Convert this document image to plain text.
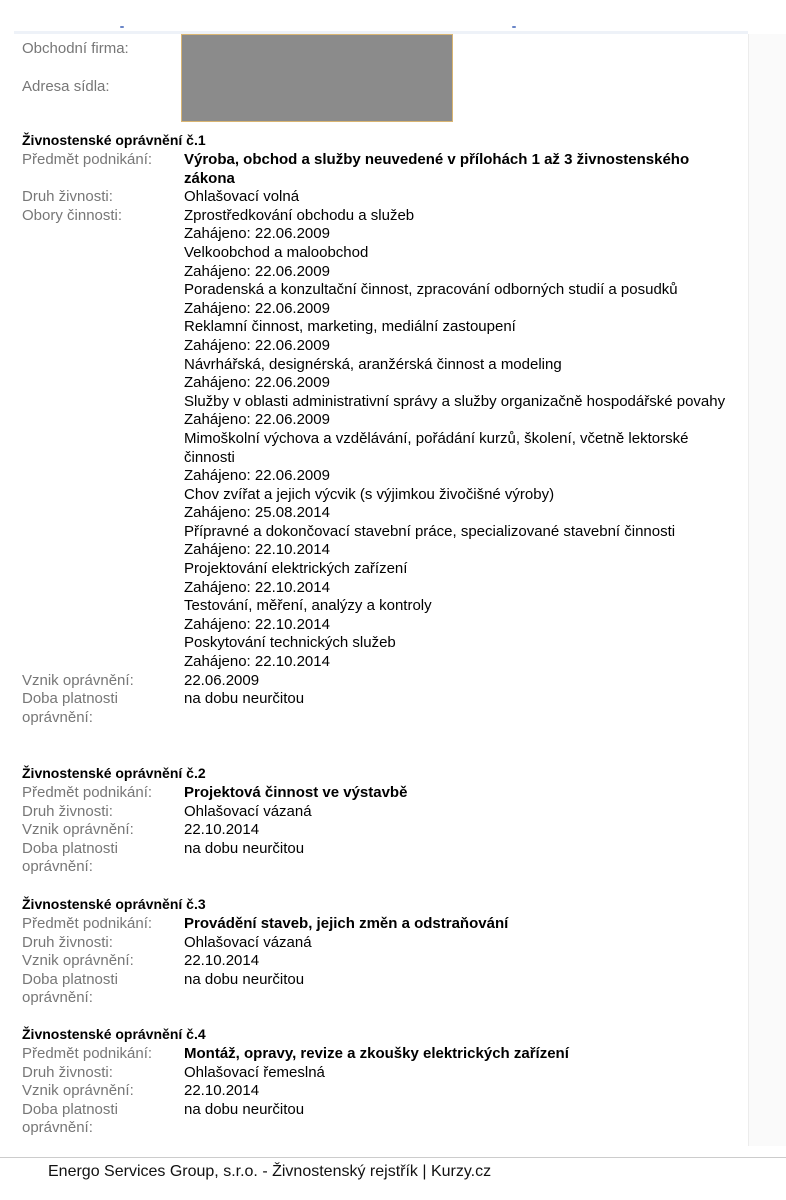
Obchodní firma:
Adresa sídla:
Živnostenské oprávnění č.1
Předmět podnikání:	Výroba, obchod a služby neuvedené v přílohách 1 až 3 živnostenského zákona
Druh živnosti:	Ohlašovací volná
Obory činnosti:	Zprostředkování obchodu a služeb
Zahájeno: 22.06.2009
Velkoobchod a maloobchod
Zahájeno: 22.06.2009
Poradenská a konzultační činnost, zpracování odborných studií a posudků
Zahájeno: 22.06.2009
Reklamní činnost, marketing, mediální zastoupení
Zahájeno: 22.06.2009
Návrhářská, designérská, aranžérská činnost a modeling
Zahájeno: 22.06.2009
Služby v oblasti administrativní správy a služby organizačně hospodářské povahy
Zahájeno: 22.06.2009
Mimoškolní výchova a vzdělávání, pořádání kurzů, školení, včetně lektorské činnosti
Zahájeno: 22.06.2009
Chov zvířat a jejich výcvik (s výjimkou živočišné výroby)
Zahájeno: 25.08.2014
Přípravné a dokončovací stavební práce, specializované stavební činnosti
Zahájeno: 22.10.2014
Projektování elektrických zařízení
Zahájeno: 22.10.2014
Testování, měření, analýzy a kontroly
Zahájeno: 22.10.2014
Poskytování technických služeb
Zahájeno: 22.10.2014
Vznik oprávnění:	22.06.2009
Doba platnosti oprávnění:
na dobu neurčitou
Živnostenské oprávnění č.2
Předmět podnikání:	Projektová činnost ve výstavbě
Druh živnosti:	Ohlašovací vázaná
Vznik oprávnění:	22.10.2014
Doba platnosti oprávnění:
na dobu neurčitou
Živnostenské oprávnění č.3
Předmět podnikání:	Provádění staveb, jejich změn a odstraňování
Druh živnosti:	Ohlašovací vázaná
Vznik oprávnění:	22.10.2014
Doba platnosti oprávnění:
na dobu neurčitou
Živnostenské oprávnění č.4
Předmět podnikání:	Montáž, opravy, revize a zkoušky elektrických zařízení
Druh živnosti:	Ohlašovací řemeslná
Vznik oprávnění:	22.10.2014
Doba platnosti oprávnění:
na dobu neurčitou
Energo Services Group, s.r.o. - Živnostenský rejstřík | Kurzy.cz
